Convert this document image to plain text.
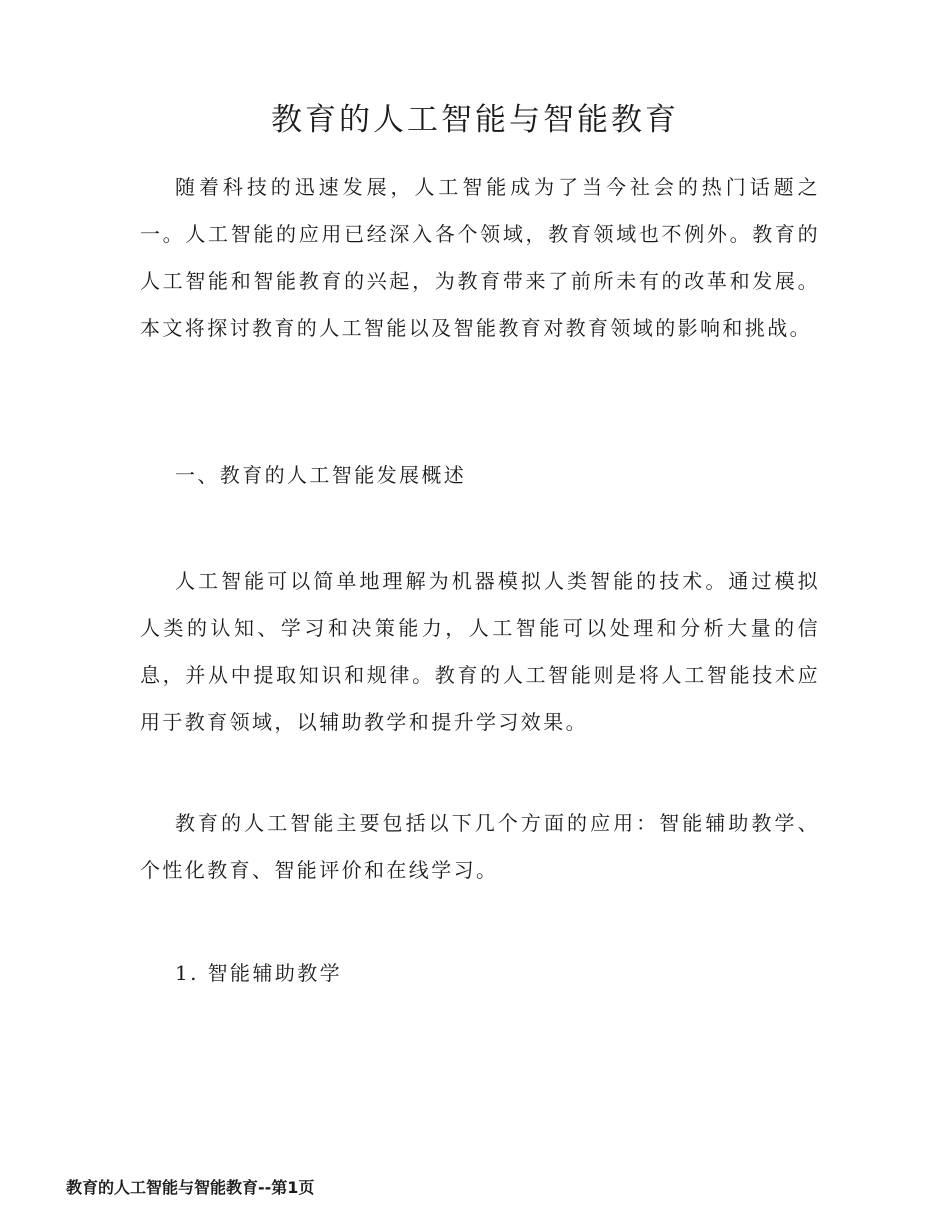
教育的人工智能与智能教育

随着科技的迅速发展，人工智能成为了当今社会的热门话题之一。人工智能的应用已经深入各个领域，教育领域也不例外。教育的人工智能和智能教育的兴起，为教育带来了前所未有的改革和发展。本文将探讨教育的人工智能以及智能教育对教育领域的影响和挑战。

一、教育的人工智能发展概述

人工智能可以简单地理解为机器模拟人类智能的技术。通过模拟人类的认知、学习和决策能力，人工智能可以处理和分析大量的信息，并从中提取知识和规律。教育的人工智能则是将人工智能技术应用于教育领域，以辅助教学和提升学习效果。

教育的人工智能主要包括以下几个方面的应用：智能辅助教学、个性化教育、智能评价和在线学习。

1. 智能辅助教学
教育的人工智能与智能教育--第1页
